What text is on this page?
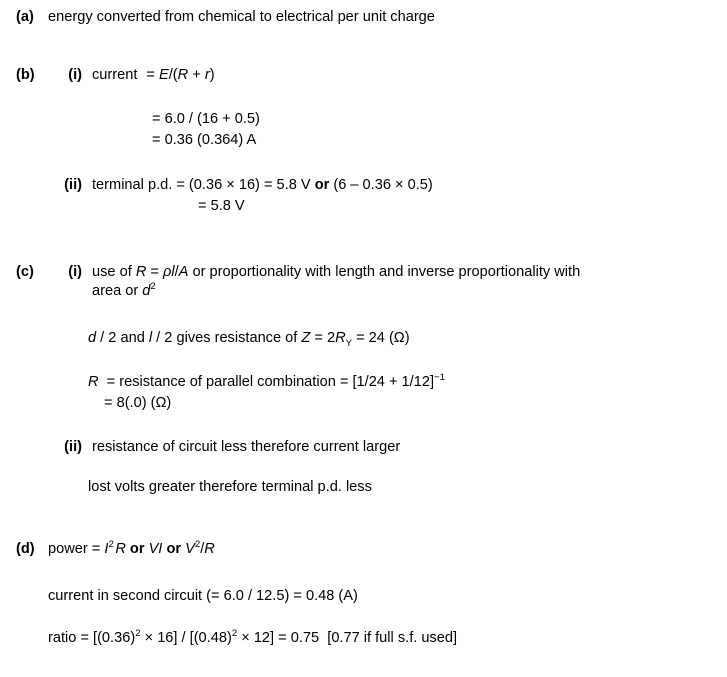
(a) energy converted from chemical to electrical per unit charge
(b)	(i) current = E/(R + r)
= 6.0 / (16 + 0.5)
= 0.36 (0.364) A
(ii) terminal p.d. = (0.36 × 16) = 5.8 V or (6 – 0.36 × 0.5)
= 5.8 V
(c)	(i) use of R = ρl/A or proportionality with length and inverse proportionality with area or $d^2$
d / 2 and l / 2 gives resistance of $Z = 2R_Y = 24$ (Ω)
R  = resistance of parallel combination = $[1/24 + 1/12]^{-1}$
= 8(.0) (Ω)
(ii) resistance of circuit less therefore current larger
lost volts greater therefore terminal p.d. less
(d) power = $I^2$ R or VI or $V^2/R$
current in second circuit (= 6.0 / 12.5) = 0.48 (A)
ratio = $[(0.36)^2 \times 16] / [(0.48)^2 \times 12] = 0.75$ [0.77 if full s.f. used]
